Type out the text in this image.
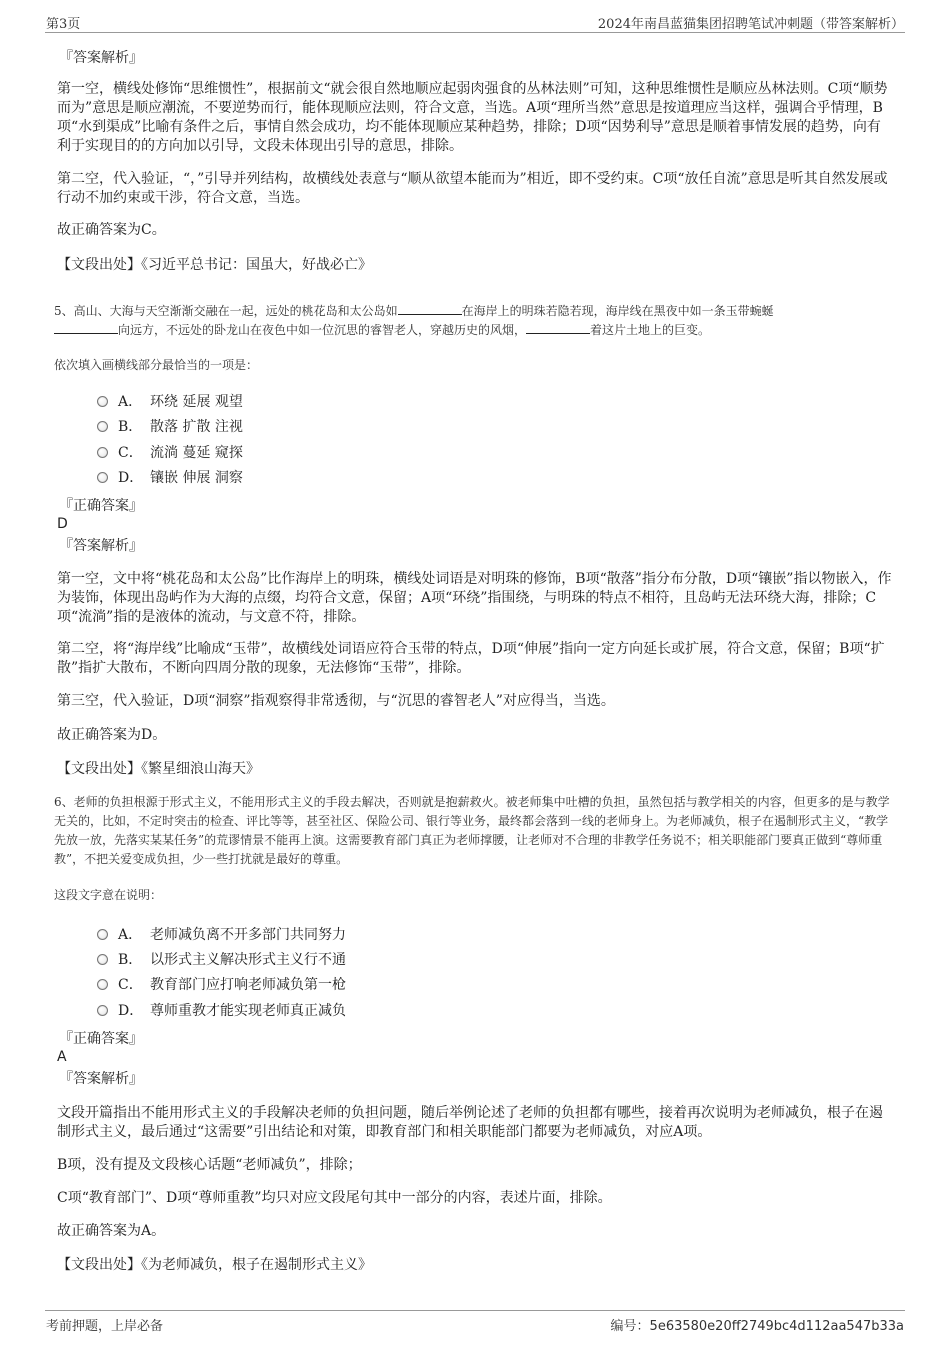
第3页	2024年南昌蓝猫集团招聘笔试冲刺题（带答案解析）
『答案解析』

第一空，横线处修饰“思维惯性”，根据前文“就会很自然地顺应起弱肉强食的丛林法则”可知，这种思维惯性是顺应丛林法则。C项“顺势而为”意思是顺应潮流，不要逆势而行，能体现顺应法则，符合文意，当选。A项“理所当然”意思是按道理应当这样，强调合乎情理，B项“水到渠成”比喻有条件之后，事情自然会成功，均不能体现顺应某种趋势，排除；D项“因势利导”意思是顺着事情发展的趋势，向有利于实现目的的方向加以引导，文段未体现出引导的意思，排除。

第二空，代入验证，“，”引导并列结构，故横线处表意与“顺从欲望本能而为”相近，即不受约束。C项“放任自流”意思是听其自然发展或行动不加约束或干涉，符合文意，当选。

故正确答案为C。

【文段出处】《习近平总书记：国虽大，好战必亡》

5、高山、大海与天空渐渐交融在一起，远处的桃花岛和太公岛如	在海岸上的明珠若隐若现，海岸线在黑夜中如一条玉带蜿蜒
向远方，不远处的卧龙山在夜色中如一位沉思的睿智老人，穿越历史的风烟，	着这片土地上的巨变。

依次填入画横线部分最恰当的一项是：

A． 环绕 延展 观望
B． 散落 扩散 注视
C． 流淌 蔓延 窥探
D． 镶嵌 伸展 洞察
『正确答案』
D
『答案解析』

第一空，文中将“桃花岛和太公岛”比作海岸上的明珠，横线处词语是对明珠的修饰，B项“散落”指分布分散，D项“镶嵌”指以物嵌入，作为装饰，体现出岛屿作为大海的点缀，均符合文意，保留；A项“环绕”指围绕，与明珠的特点不相符，且岛屿无法环绕大海，排除；C项“流淌”指的是液体的流动，与文意不符，排除。

第二空，将“海岸线”比喻成“玉带”，故横线处词语应符合玉带的特点，D项“伸展”指向一定方向延长或扩展，符合文意，保留；B项“扩散”指扩大散布，不断向四周分散的现象，无法修饰“玉带”，排除。

第三空，代入验证，D项“洞察”指观察得非常透彻，与“沉思的睿智老人”对应得当，当选。

故正确答案为D。

【文段出处】《繁星细浪山海天》

6、老师的负担根源于形式主义，不能用形式主义的手段去解决，否则就是抱薪救火。被老师集中吐槽的负担，虽然包括与教学相关的内容，但更多的是与教学无关的，比如，不定时突击的检查、评比等等，甚至社区、保险公司、银行等业务，最终都会落到一线的老师身上。为老师减负，根子在遏制形式主义，“教学先放一放，先落实某某任务”的荒谬情景不能再上演。这需要教育部门真正为老师撑腰，让老师对不合理的非教学任务说不；相关职能部门要真正做到“尊师重教”，不把关爱变成负担，少一些打扰就是最好的尊重。

这段文字意在说明：

A． 老师减负离不开多部门共同努力
B． 以形式主义解决形式主义行不通
C． 教育部门应打响老师减负第一枪
D． 尊师重教才能实现老师真正减负
『正确答案』
A
『答案解析』

文段开篇指出不能用形式主义的手段解决老师的负担问题，随后举例论述了老师的负担都有哪些，接着再次说明为老师减负，根子在遏制形式主义，最后通过“这需要”引出结论和对策，即教育部门和相关职能部门都要为老师减负，对应A项。

B项，没有提及文段核心话题“老师减负”，排除；

C项“教育部门”、D项“尊师重教”均只对应文段尾句其中一部分的内容，表述片面，排除。

故正确答案为A。

【文段出处】《为老师减负，根子在遏制形式主义》

考前押题，上岸必备	编号：5e63580e20ff2749bc4d112aa547b33a
